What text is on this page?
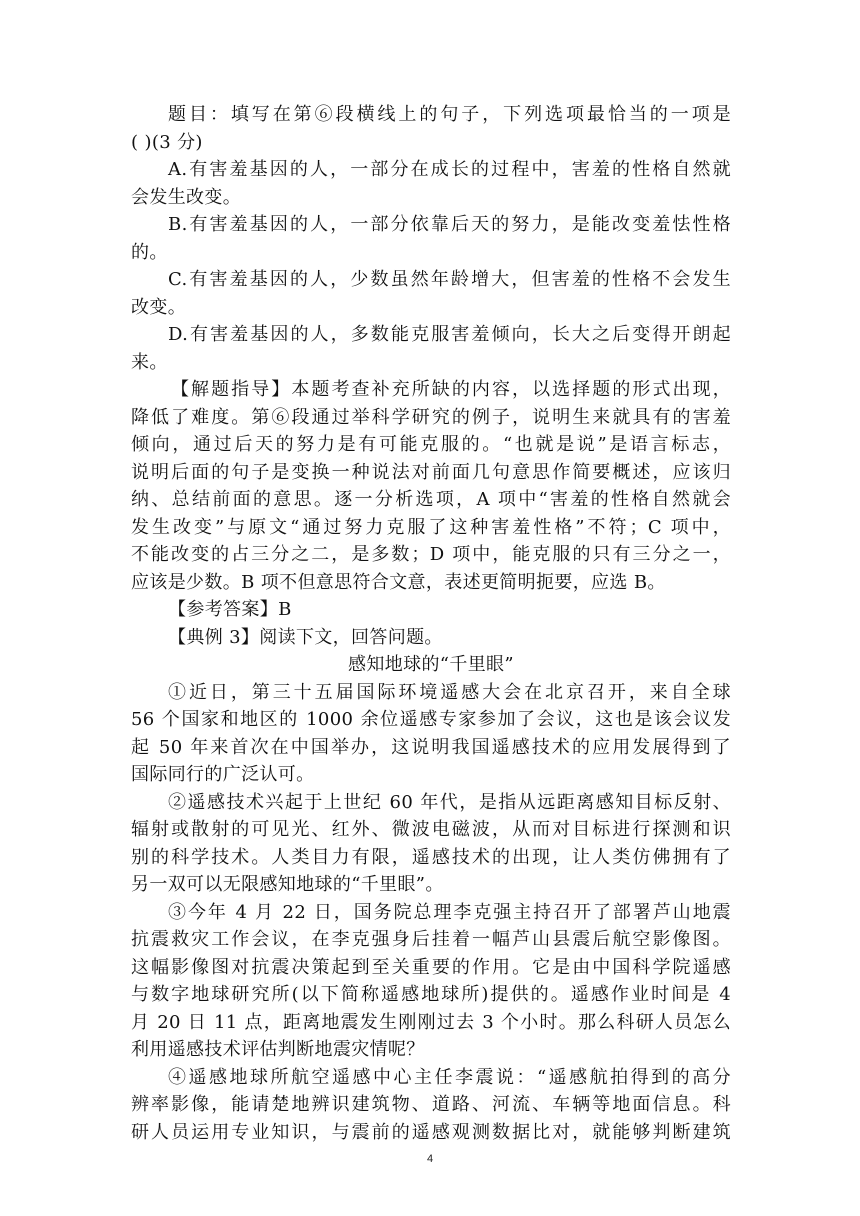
题目：填写在第⑥段横线上的句子，下列选项最恰当的一项是
( )(3 分)
A.有害羞基因的人，一部分在成长的过程中，害羞的性格自然就
会发生改变。
B.有害羞基因的人，一部分依靠后天的努力，是能改变羞怯性格
的。
C.有害羞基因的人，少数虽然年龄增大，但害羞的性格不会发生
改变。
D.有害羞基因的人，多数能克服害羞倾向，长大之后变得开朗起
来。
【解题指导】本题考查补充所缺的内容，以选择题的形式出现，
降低了难度。第⑥段通过举科学研究的例子，说明生来就具有的害羞
倾向，通过后天的努力是有可能克服的。“也就是说”是语言标志，
说明后面的句子是变换一种说法对前面几句意思作简要概述，应该归
纳、总结前面的意思。逐一分析选项，A 项中“害羞的性格自然就会
发生改变”与原文“通过努力克服了这种害羞性格”不符；C 项中，
不能改变的占三分之二，是多数；D 项中，能克服的只有三分之一，
应该是少数。B 项不但意思符合文意，表述更简明扼要，应选 B。
【参考答案】B
【典例 3】阅读下文，回答问题。
感知地球的“千里眼”
①近日，第三十五届国际环境遥感大会在北京召开，来自全球
56 个国家和地区的 1000 余位遥感专家参加了会议，这也是该会议发
起 50 年来首次在中国举办，这说明我国遥感技术的应用发展得到了
国际同行的广泛认可。
②遥感技术兴起于上世纪 60 年代，是指从远距离感知目标反射、
辐射或散射的可见光、红外、微波电磁波，从而对目标进行探测和识
别的科学技术。人类目力有限，遥感技术的出现，让人类仿佛拥有了
另一双可以无限感知地球的“千里眼”。
③今年 4 月 22 日，国务院总理李克强主持召开了部署芦山地震
抗震救灾工作会议，在李克强身后挂着一幅芦山县震后航空影像图。
这幅影像图对抗震决策起到至关重要的作用。它是由中国科学院遥感
与数字地球研究所(以下简称遥感地球所)提供的。遥感作业时间是 4
月 20 日 11 点，距离地震发生刚刚过去 3 个小时。那么科研人员怎么
利用遥感技术评估判断地震灾情呢？
④遥感地球所航空遥感中心主任李震说：“遥感航拍得到的高分
辨率影像，能请楚地辨识建筑物、道路、河流、车辆等地面信息。科
研人员运用专业知识，与震前的遥感观测数据比对，就能够判断建筑
4
